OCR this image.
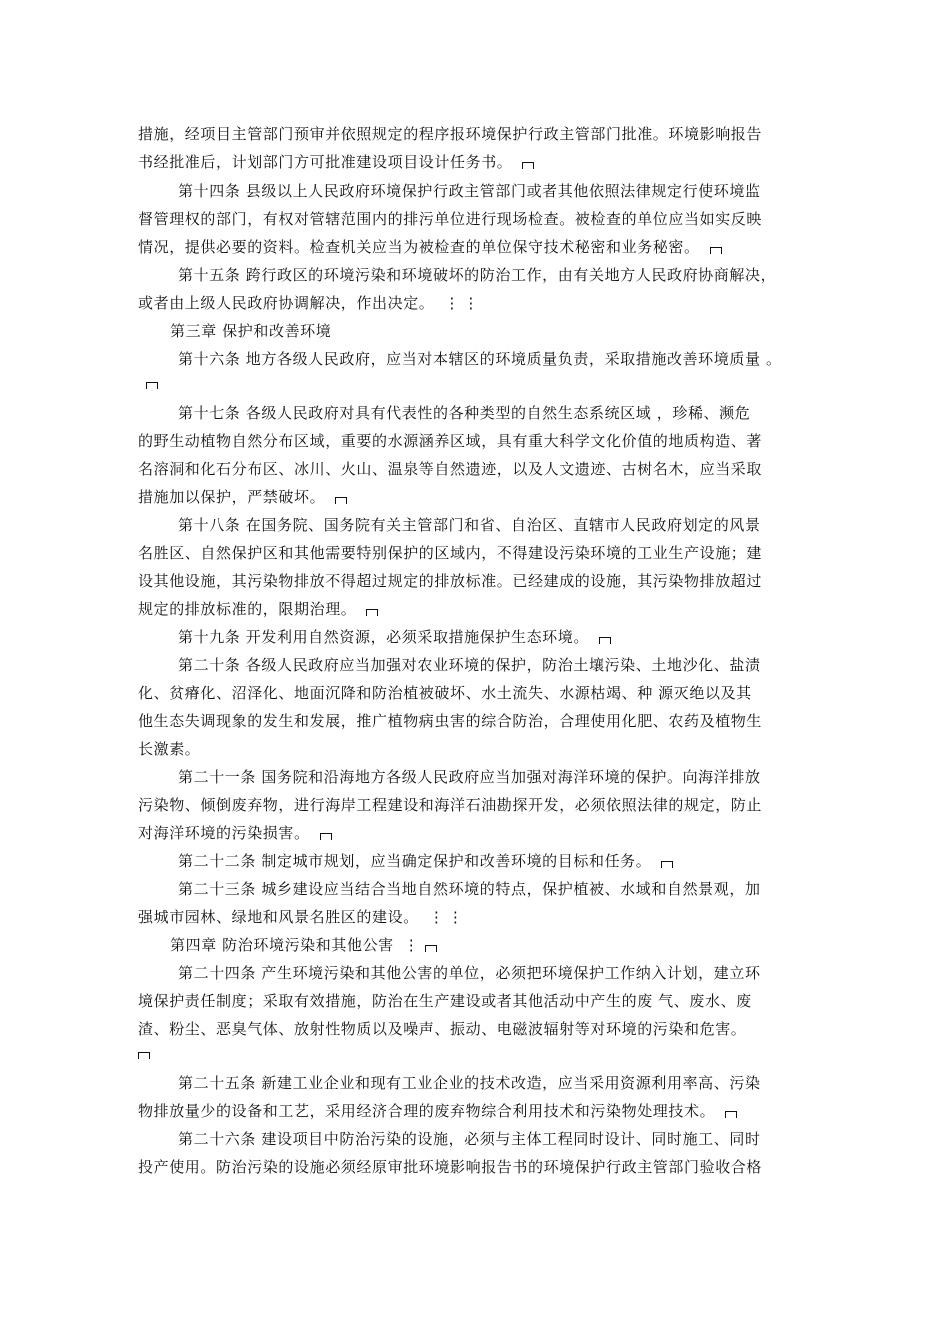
措施，经项目主管部门预审并依照规定的程序报环境保护行政主管部门批准。环境影响报告
书经批准后，计划部门方可批准建设项目设计任务书。
第十四条 县级以上人民政府环境保护行政主管部门或者其他依照法律规定行使环境监
督管理权的部门，有权对管辖范围内的排污单位进行现场检查。被检查的单位应当如实反映
情况，提供必要的资料。检查机关应当为被检查的单位保守技术秘密和业务秘密。
第十五条 跨行政区的环境污染和环境破坏的防治工作，由有关地方人民政府协商解决，
或者由上级人民政府协调解决，作出决定。 ⋮⋮
第三章 保护和改善环境
第十六条 地方各级人民政府，应当对本辖区的环境质量负责，采取措施改善环境质量 。
第十七条 各级人民政府对具有代表性的各种类型的自然生态系统区域 ，珍稀、濒危
的野生动植物自然分布区域，重要的水源涵养区域，具有重大科学文化价值的地质构造、著
名溶洞和化石分布区、冰川、火山、温泉等自然遗迹，以及人文遗迹、古树名木，应当采取
措施加以保护，严禁破坏。
第十八条 在国务院、国务院有关主管部门和省、自治区、直辖市人民政府划定的风景
名胜区、自然保护区和其他需要特别保护的区域内，不得建设污染环境的工业生产设施；建
设其他设施，其污染物排放不得超过规定的排放标准。已经建成的设施，其污染物排放超过
规定的排放标准的，限期治理。
第十九条 开发利用自然资源，必须采取措施保护生态环境。
第二十条 各级人民政府应当加强对农业环境的保护，防治土壤污染、土地沙化、盐渍
化、贫瘠化、沼泽化、地面沉降和防治植被破坏、水土流失、水源枯竭、种 源灭绝以及其
他生态失调现象的发生和发展，推广植物病虫害的综合防治，合理使用化肥、农药及植物生
长激素。
第二十一条 国务院和沿海地方各级人民政府应当加强对海洋环境的保护。向海洋排放
污染物、倾倒废弃物，进行海岸工程建设和海洋石油勘探开发，必须依照法律的规定，防止
对海洋环境的污染损害。
第二十二条 制定城市规划，应当确定保护和改善环境的目标和任务。
第二十三条 城乡建设应当结合当地自然环境的特点，保护植被、水域和自然景观，加
强城市园林、绿地和风景名胜区的建设。 ⋮⋮
第四章 防治环境污染和其他公害 ⋮
第二十四条 产生环境污染和其他公害的单位，必须把环境保护工作纳入计划，建立环
境保护责任制度；采取有效措施，防治在生产建设或者其他活动中产生的废 气、废水、废
渣、粉尘、恶臭气体、放射性物质以及噪声、振动、电磁波辐射等对环境的污染和危害。
第二十五条 新建工业企业和现有工业企业的技术改造，应当采用资源利用率高、污染
物排放量少的设备和工艺，采用经济合理的废弃物综合利用技术和污染物处理技术。
第二十六条 建设项目中防治污染的设施，必须与主体工程同时设计、同时施工、同时
投产使用。防治污染的设施必须经原审批环境影响报告书的环境保护行政主管部门验收合格
